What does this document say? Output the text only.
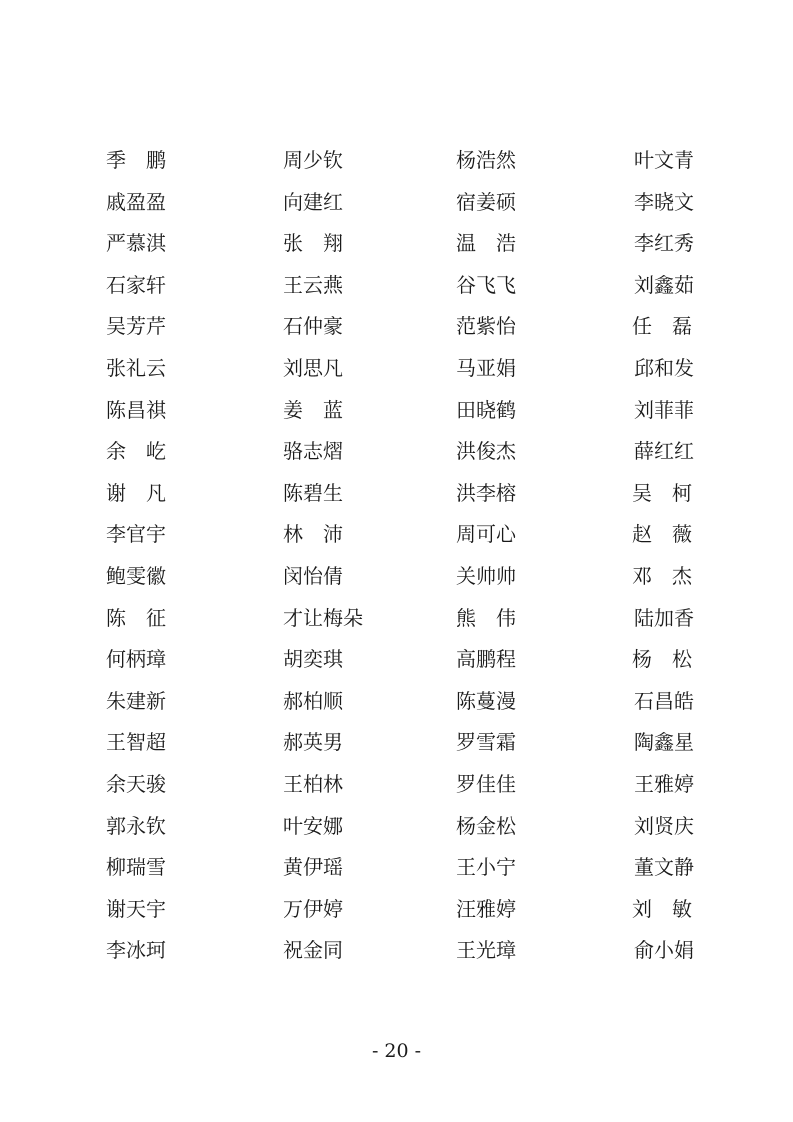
季鹏	周少钦	杨浩然	叶文青
戚盈盈	向建红	宿姜硕	李晓文
严慕淇	张翔	温浩	李红秀
石家轩	王云燕	谷飞飞	刘鑫茹
吴芳芹	石仲豪	范紫怡	任磊
张礼云	刘思凡	马亚娟	邱和发
陈昌祺	姜蓝	田晓鹤	刘菲菲
余屹	骆志熠	洪俊杰	薛红红
谢凡	陈碧生	洪李榕	吴柯
李官宇	林沛	周可心	赵薇
鲍雯徽	闵怡倩	关帅帅	邓杰
陈征	才让梅朵	熊伟	陆加香
何柄璋	胡奕琪	高鹏程	杨松
朱建新	郝柏顺	陈蔓漫	石昌皓
王智超	郝英男	罗雪霜	陶鑫星
余天骏	王柏林	罗佳佳	王雅婷
郭永钦	叶安娜	杨金松	刘贤庆
柳瑞雪	黄伊瑶	王小宁	董文静
谢天宇	万伊婷	汪雅婷	刘敏
李冰珂	祝金同	王光璋	俞小娟
- 20 -
